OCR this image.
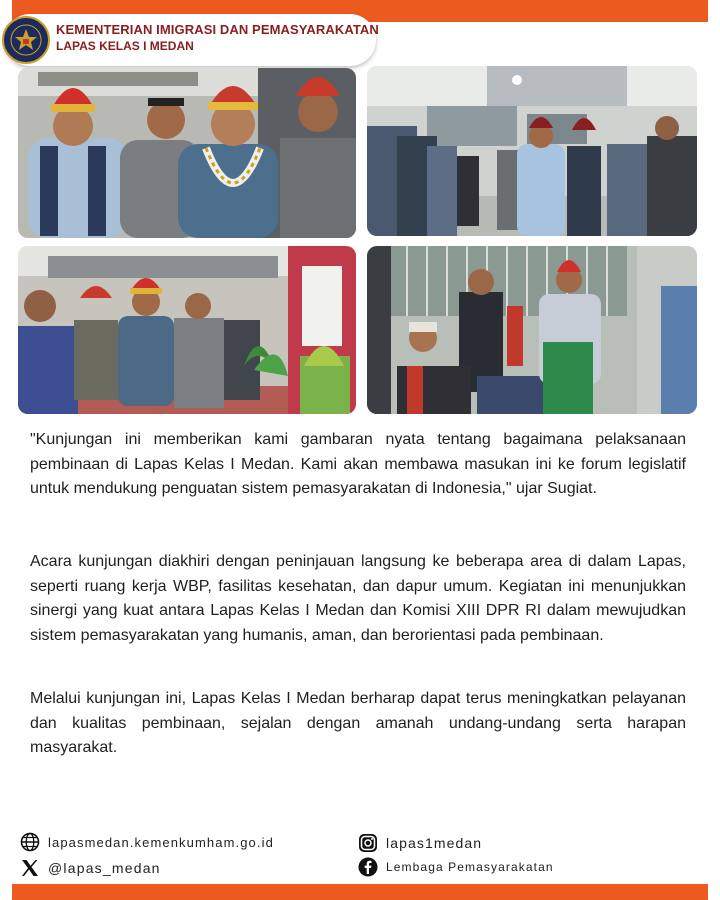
KEMENTERIAN IMIGRASI DAN PEMASYARAKATAN
LAPAS KELAS I MEDAN

"Kunjungan ini memberikan kami gambaran nyata tentang bagaimana pelaksanaan pembinaan di Lapas Kelas I Medan. Kami akan membawa masukan ini ke forum legislatif untuk mendukung penguatan sistem pemasyarakatan di Indonesia," ujar Sugiat.

Acara kunjungan diakhiri dengan peninjauan langsung ke beberapa area di dalam Lapas, seperti ruang kerja WBP, fasilitas kesehatan, dan dapur umum. Kegiatan ini menunjukkan sinergi yang kuat antara Lapas Kelas I Medan dan Komisi XIII DPR RI dalam mewujudkan sistem pemasyarakatan yang humanis, aman, dan berorientasi pada pembinaan.

Melalui kunjungan ini, Lapas Kelas I Medan berharap dapat terus meningkatkan pelayanan dan kualitas pembinaan, sejalan dengan amanah undang-undang serta harapan masyarakat.

lapasmedan.kemenkumham.go.id
@lapas_medan
lapas1medan
Lembaga Pemasyarakatan
